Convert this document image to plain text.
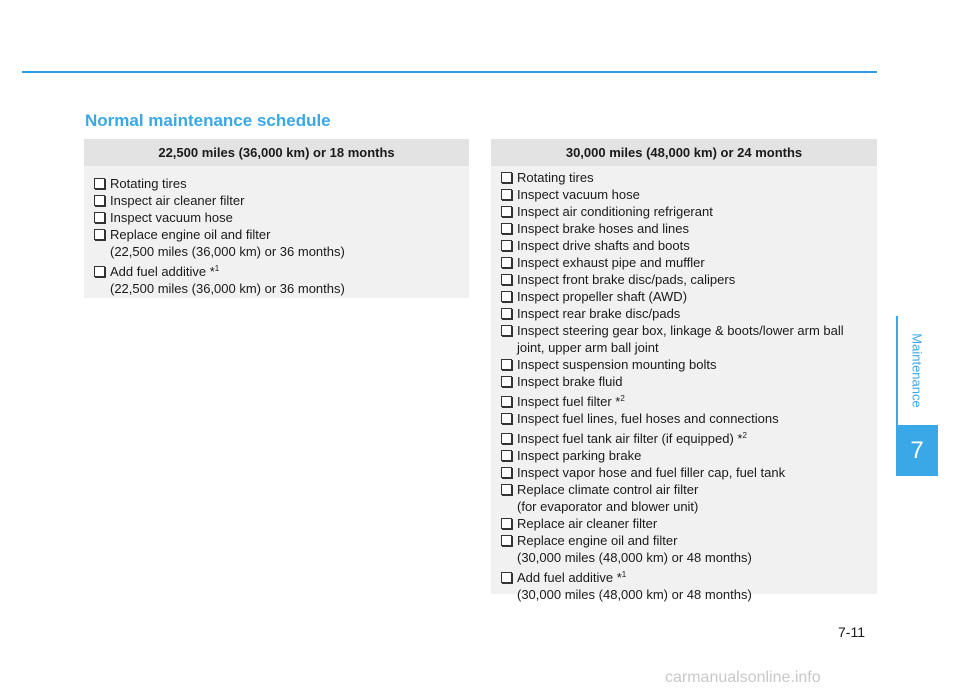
Normal maintenance schedule
22,500 miles (36,000 km) or 18 months
Rotating tires
Inspect air cleaner filter
Inspect vacuum hose
Replace engine oil and filter
(22,500 miles (36,000 km) or 36 months)
Add fuel additive *$^1$
(22,500 miles (36,000 km) or 36 months)
30,000 miles (48,000 km) or 24 months
Rotating tires
Inspect vacuum hose
Inspect air conditioning refrigerant
Inspect brake hoses and lines
Inspect drive shafts and boots
Inspect exhaust pipe and muffler
Inspect front brake disc/pads, calipers
Inspect propeller shaft (AWD)
Inspect rear brake disc/pads
Inspect steering gear box, linkage & boots/lower arm ball
joint, upper arm ball joint
Inspect suspension mounting bolts
Inspect brake fluid
Inspect fuel filter *$^2$
Inspect fuel lines, fuel hoses and connections
Inspect fuel tank air filter (if equipped) *$^2$
Inspect parking brake
Inspect vapor hose and fuel filler cap, fuel tank
Replace climate control air filter
(for evaporator and blower unit)
Replace air cleaner filter
Replace engine oil and filter
(30,000 miles (48,000 km) or 48 months)
Add fuel additive *$^1$
(30,000 miles (48,000 km) or 48 months)
Maintenance
7
7-11
carmanualsonline.info
